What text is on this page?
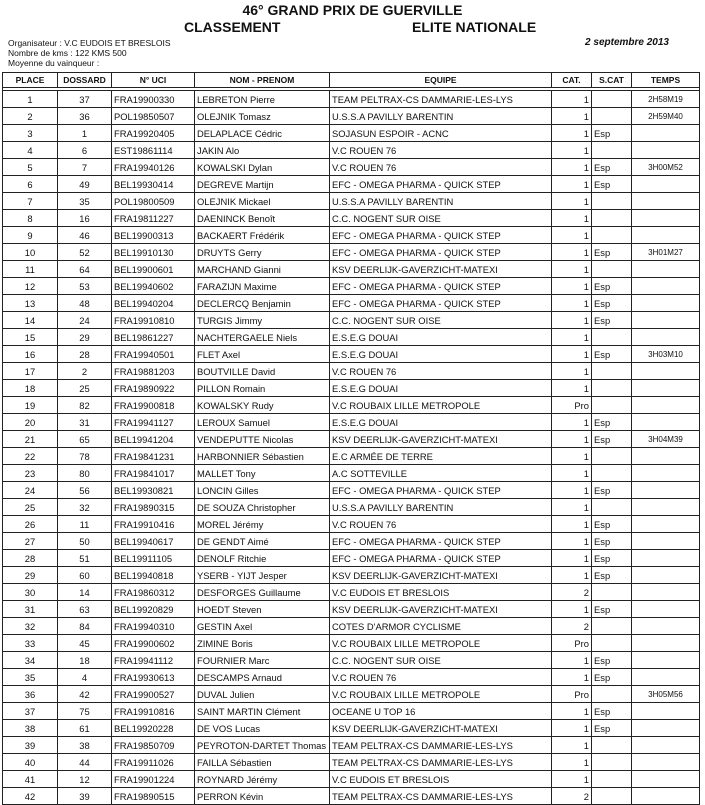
46° GRAND PRIX DE GUERVILLE
CLASSEMENT	ELITE NATIONALE
Organisateur : V.C EUDOIS ET BRESLOIS
Nombre de kms : 122 KMS 500
Moyenne du vainqueur :
2 septembre 2013
PLACE	DOSSARD	N° UCI	NOM - PRENOM	EQUIPE	CAT.	S.CAT	TEMPS

1	37	FRA19900330	LEBRETON Pierre	TEAM PELTRAX-CS DAMMARIE-LES-LYS	1		2H58M19
2	36	POL19850507	OLEJNIK Tomasz	U.S.S.A PAVILLY BARENTIN	1		2H59M40
3	1	FRA19920405	DELAPLACE Cédric	SOJASUN ESPOIR - ACNC	1	Esp	
4	6	EST19861114	JAKIN Alo	V.C ROUEN 76	1		
5	7	FRA19940126	KOWALSKI Dylan	V.C ROUEN 76	1	Esp	3H00M52
6	49	BEL19930414	DEGREVE Martijn	EFC - OMEGA PHARMA - QUICK STEP	1	Esp	
7	35	POL19800509	OLEJNIK Mickael	U.S.S.A PAVILLY BARENTIN	1		
8	16	FRA19811227	DAENINCK Benoît	C.C. NOGENT SUR OISE	1		
9	46	BEL19900313	BACKAERT Frédérik	EFC - OMEGA PHARMA - QUICK STEP	1		
10	52	BEL19910130	DRUYTS Gerry	EFC - OMEGA PHARMA - QUICK STEP	1	Esp	3H01M27
11	64	BEL19900601	MARCHAND Gianni	KSV DEERLIJK-GAVERZICHT-MATEXI	1		
12	53	BEL19940602	FARAZIJN Maxime	EFC - OMEGA PHARMA - QUICK STEP	1	Esp	
13	48	BEL19940204	DECLERCQ Benjamin	EFC - OMEGA PHARMA - QUICK STEP	1	Esp	
14	24	FRA19910810	TURGIS Jimmy	C.C. NOGENT SUR OISE	1	Esp	
15	29	BEL19861227	NACHTERGAELE Niels	E.S.E.G DOUAI	1		
16	28	FRA19940501	FLET Axel	E.S.E.G DOUAI	1	Esp	3H03M10
17	2	FRA19881203	BOUTVILLE David	V.C ROUEN 76	1		
18	25	FRA19890922	PILLON Romain	E.S.E.G DOUAI	1		
19	82	FRA19900818	KOWALSKY Rudy	V.C ROUBAIX LILLE METROPOLE	Pro		
20	31	FRA19941127	LEROUX Samuel	E.S.E.G DOUAI	1	Esp	
21	65	BEL19941204	VENDEPUTTE Nicolas	KSV DEERLIJK-GAVERZICHT-MATEXI	1	Esp	3H04M39
22	78	FRA19841231	HARBONNIER Sébastien	E.C ARMÉE DE TERRE	1		
23	80	FRA19841017	MALLET Tony	A.C SOTTEVILLE	1		
24	56	BEL19930821	LONCIN Gilles	EFC - OMEGA PHARMA - QUICK STEP	1	Esp	
25	32	FRA19890315	DE SOUZA Christopher	U.S.S.A PAVILLY BARENTIN	1		
26	11	FRA19910416	MOREL Jérémy	V.C ROUEN 76	1	Esp	
27	50	BEL19940617	DE GENDT Aimé	EFC - OMEGA PHARMA - QUICK STEP	1	Esp	
28	51	BEL19911105	DENOLF Ritchie	EFC - OMEGA PHARMA - QUICK STEP	1	Esp	
29	60	BEL19940818	YSERB - YIJT Jesper	KSV DEERLIJK-GAVERZICHT-MATEXI	1	Esp	
30	14	FRA19860312	DESFORGES Guillaume	V.C EUDOIS ET BRESLOIS	2		
31	63	BEL19920829	HOEDT Steven	KSV DEERLIJK-GAVERZICHT-MATEXI	1	Esp	
32	84	FRA19940310	GESTIN Axel	COTES D'ARMOR CYCLISME	2		
33	45	FRA19900602	ZIMINE Boris	V.C ROUBAIX LILLE METROPOLE	Pro		
34	18	FRA19941112	FOURNIER Marc	C.C. NOGENT SUR OISE	1	Esp	
35	4	FRA19930613	DESCAMPS Arnaud	V.C ROUEN 76	1	Esp	
36	42	FRA19900527	DUVAL Julien	V.C ROUBAIX LILLE METROPOLE	Pro		3H05M56
37	75	FRA19910816	SAINT MARTIN Clément	OCEANE U TOP 16	1	Esp	
38	61	BEL19920228	DE VOS Lucas	KSV DEERLIJK-GAVERZICHT-MATEXI	1	Esp	
39	38	FRA19850709	PEYROTON-DARTET Thomas	TEAM PELTRAX-CS DAMMARIE-LES-LYS	1		
40	44	FRA19911026	FAILLA Sébastien	TEAM PELTRAX-CS DAMMARIE-LES-LYS	1		
41	12	FRA19901224	ROYNARD Jérémy	V.C EUDOIS ET BRESLOIS	1		
42	39	FRA19890515	PERRON Kévin	TEAM PELTRAX-CS DAMMARIE-LES-LYS	2		
